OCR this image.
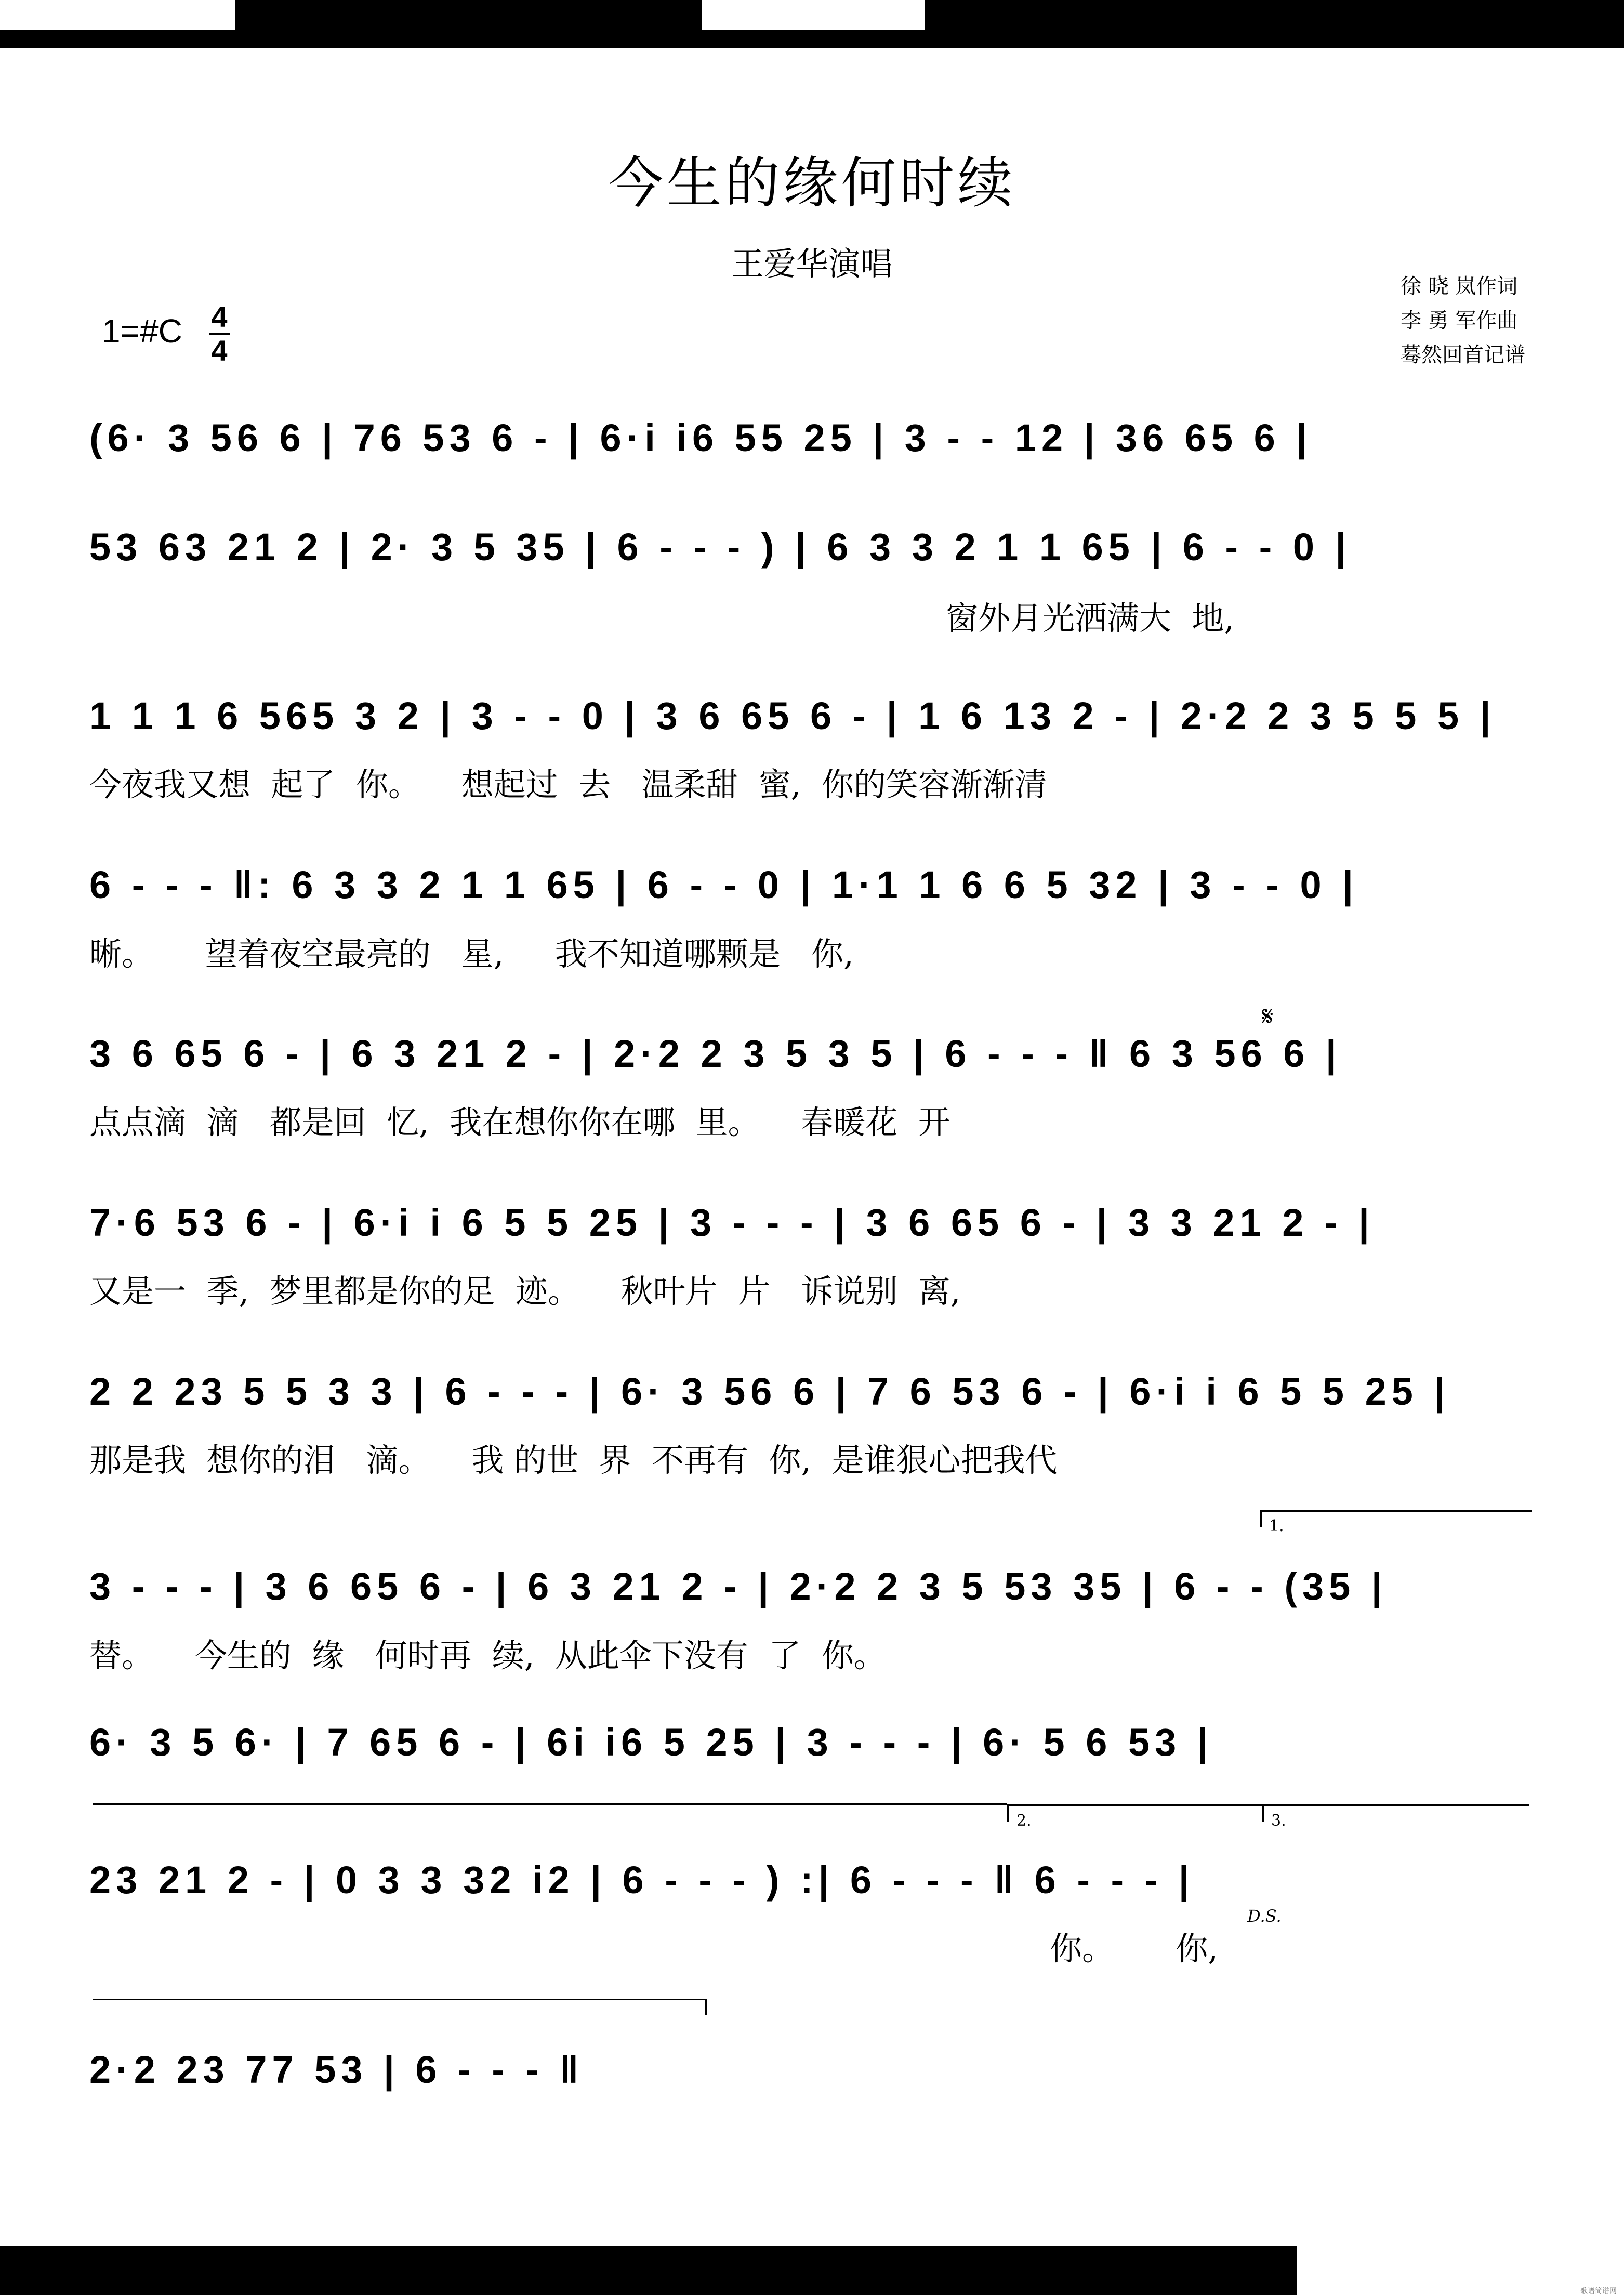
歌谱简谱网
今生的缘何时续
王爱华演唱
徐 晓 岚作词
李 勇 军作曲
蓦然回首记谱
1=#C 4
4
(6· 3 56 6 | 76 53 6 - | 6·i i6 55 25 | 3 - - 12 | 36 65 6 |
53 63 21 2 | 2· 3 5 35 | 6 - - - ) | 6 3 3 2 1 1 65 | 6 - - 0 |
窗外月光洒满大  地,
1 1 1 6 565 3 2 | 3 - - 0 | 3 6 65 6 - | 1 6 13 2 - | 2·2 2 3 5 5 5 |
今夜我又想  起了  你。    想起过  去   温柔甜  蜜,  你的笑容渐渐清
6 - - - ‖: 6 3 3 2 1 1 65 | 6 - - 0 | 1·1 1 6 6 5 32 | 3 - - 0 |
晰。     望着夜空最亮的   星,     我不知道哪颗是   你,
𝄋
3 6 65 6 - | 6 3 21 2 - | 2·2 2 3 5 3 5 | 6 - - - ‖ 6 3 56 6 |
点点滴  滴   都是回  忆,  我在想你你在哪  里。    春暖花  开
7·6 53 6 - | 6·i i 6 5 5 25 | 3 - - - | 3 6 65 6 - | 3 3 21 2 - |
又是一  季,  梦里都是你的足  迹。    秋叶片  片   诉说别  离,
2 2 23 5 5 3 3 | 6 - - - | 6· 3 56 6 | 7 6 53 6 - | 6·i i 6 5 5 25 |
那是我  想你的泪   滴。    我 的世  界  不再有  你,  是谁狠心把我代
1.
3 - - - | 3 6 65 6 - | 6 3 21 2 - | 2·2 2 3 5 53 35 | 6 - - (35 |
替。    今生的  缘   何时再  续,  从此伞下没有  了  你。
6· 3 5 6· | 7 65 6 - | 6i i6 5 25 | 3 - - - | 6· 5 6 53 |
2.	3.
23 21 2 - | 0 3 3 32 i2 | 6 - - - ) :| 6 - - - ‖ 6 - - - |
D.S.
你。      你,
2·2 23 77 53 | 6 - - - ‖
